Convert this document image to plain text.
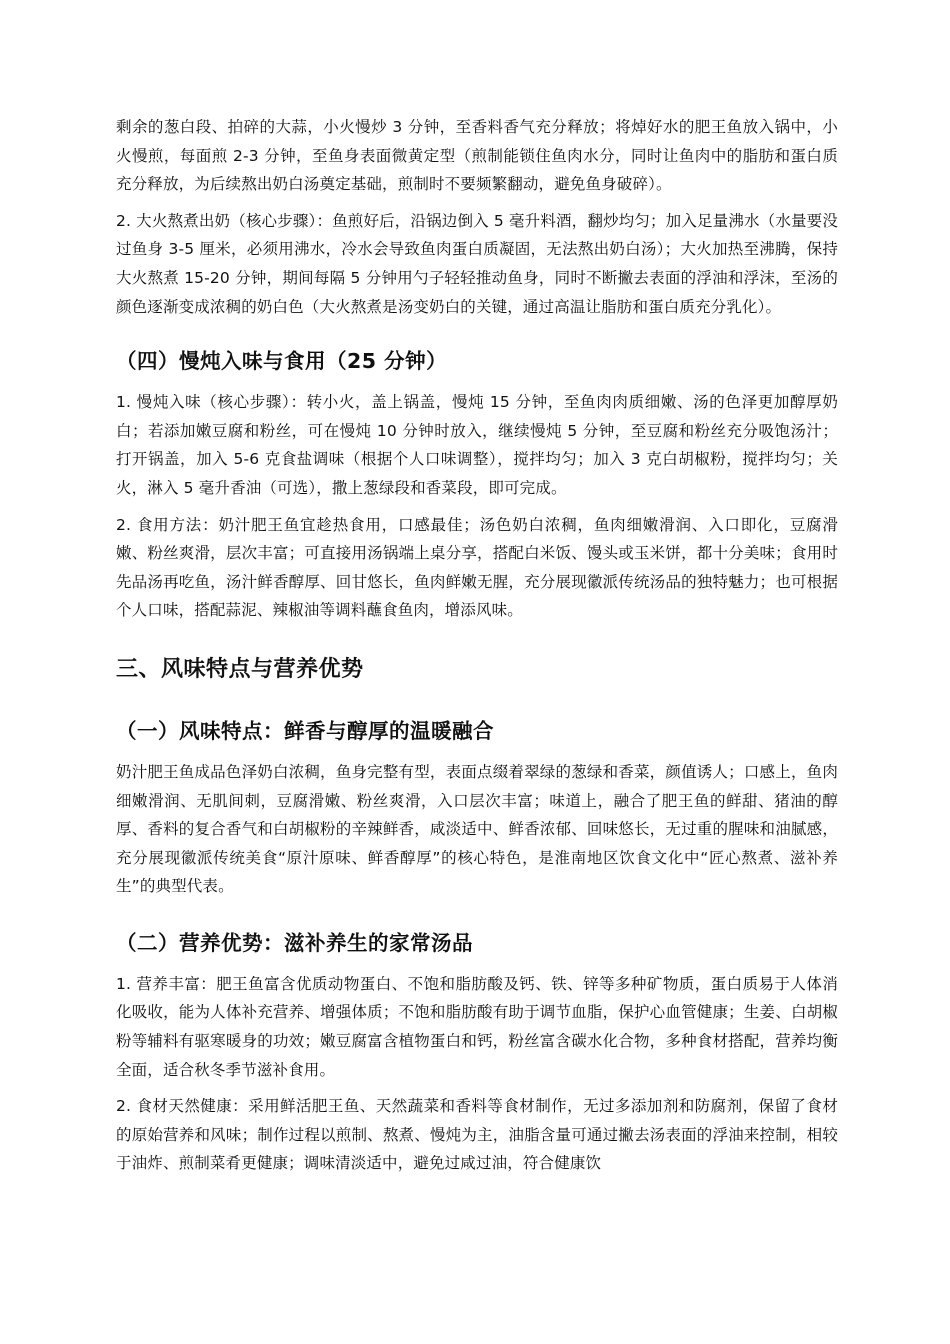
剩余的葱白段、拍碎的大蒜，小火慢炒 3 分钟，至香料香气充分释放；将焯好水的肥王鱼放入锅中，小火慢煎，每面煎 2-3 分钟，至鱼身表面微黄定型（煎制能锁住鱼肉水分，同时让鱼肉中的脂肪和蛋白质充分释放，为后续熬出奶白汤奠定基础，煎制时不要频繁翻动，避免鱼身破碎）。

2. 大火熬煮出奶（核心步骤）：鱼煎好后，沿锅边倒入 5 毫升料酒，翻炒均匀；加入足量沸水（水量要没过鱼身 3-5 厘米，必须用沸水，冷水会导致鱼肉蛋白质凝固，无法熬出奶白汤）；大火加热至沸腾，保持大火熬煮 15-20 分钟，期间每隔 5 分钟用勺子轻轻推动鱼身，同时不断撇去表面的浮油和浮沫，至汤的颜色逐渐变成浓稠的奶白色（大火熬煮是汤变奶白的关键，通过高温让脂肪和蛋白质充分乳化）。

（四）慢炖入味与食用（25 分钟）

1. 慢炖入味（核心步骤）：转小火，盖上锅盖，慢炖 15 分钟，至鱼肉肉质细嫩、汤的色泽更加醇厚奶白；若添加嫩豆腐和粉丝，可在慢炖 10 分钟时放入，继续慢炖 5 分钟，至豆腐和粉丝充分吸饱汤汁；打开锅盖，加入 5-6 克食盐调味（根据个人口味调整），搅拌均匀；加入 3 克白胡椒粉，搅拌均匀；关火，淋入 5 毫升香油（可选），撒上葱绿段和香菜段，即可完成。

2. 食用方法：奶汁肥王鱼宜趁热食用，口感最佳；汤色奶白浓稠，鱼肉细嫩滑润、入口即化，豆腐滑嫩、粉丝爽滑，层次丰富；可直接用汤锅端上桌分享，搭配白米饭、馒头或玉米饼，都十分美味；食用时先品汤再吃鱼，汤汁鲜香醇厚、回甘悠长，鱼肉鲜嫩无腥，充分展现徽派传统汤品的独特魅力；也可根据个人口味，搭配蒜泥、辣椒油等调料蘸食鱼肉，增添风味。

三、风味特点与营养优势
（一）风味特点：鲜香与醇厚的温暖融合

奶汁肥王鱼成品色泽奶白浓稠，鱼身完整有型，表面点缀着翠绿的葱绿和香菜，颜值诱人；口感上，鱼肉细嫩滑润、无肌间刺，豆腐滑嫩、粉丝爽滑，入口层次丰富；味道上，融合了肥王鱼的鲜甜、猪油的醇厚、香料的复合香气和白胡椒粉的辛辣鲜香，咸淡适中、鲜香浓郁、回味悠长，无过重的腥味和油腻感，充分展现徽派传统美食“原汁原味、鲜香醇厚”的核心特色，是淮南地区饮食文化中“匠心熬煮、滋补养生”的典型代表。

（二）营养优势：滋补养生的家常汤品

1. 营养丰富：肥王鱼富含优质动物蛋白、不饱和脂肪酸及钙、铁、锌等多种矿物质，蛋白质易于人体消化吸收，能为人体补充营养、增强体质；不饱和脂肪酸有助于调节血脂，保护心血管健康；生姜、白胡椒粉等辅料有驱寒暖身的功效；嫩豆腐富含植物蛋白和钙，粉丝富含碳水化合物，多种食材搭配，营养均衡全面，适合秋冬季节滋补食用。

2. 食材天然健康：采用鲜活肥王鱼、天然蔬菜和香料等食材制作，无过多添加剂和防腐剂，保留了食材的原始营养和风味；制作过程以煎制、熬煮、慢炖为主，油脂含量可通过撇去汤表面的浮油来控制，相较于油炸、煎制菜肴更健康；调味清淡适中，避免过咸过油，符合健康饮
